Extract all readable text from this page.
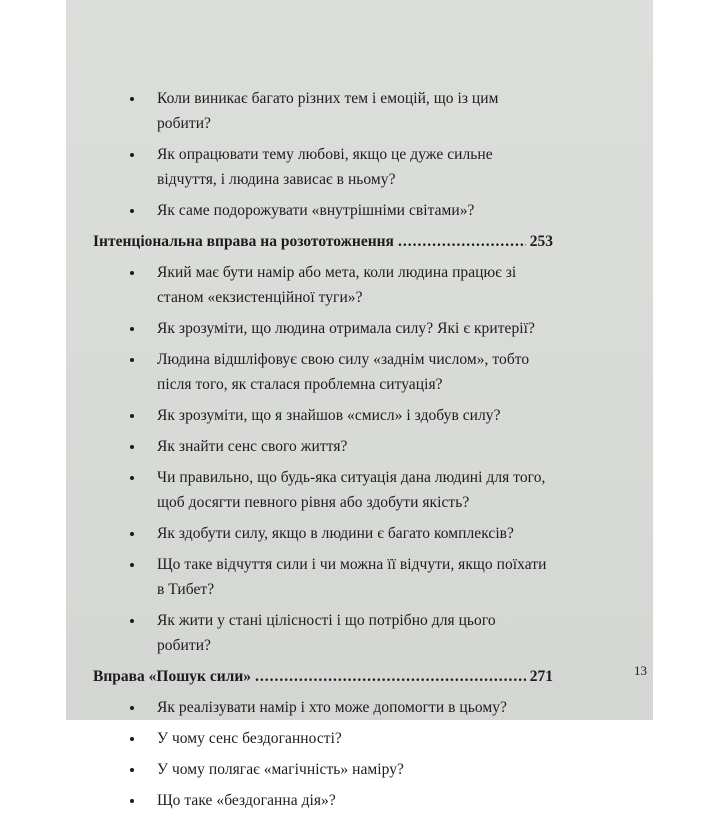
Коли виникає багато різних тем і емоцій, що із цим робити?
Як опрацювати тему любові, якщо це дуже сильне відчуття, і людина зависає в ньому?
Як саме подорожувати «внутрішніми світами»?
Інтенціональна вправа на розототожнення .....	253
Який має бути намір або мета, коли людина працює зі станом «екзистенційної туги»?
Як зрозуміти, що людина отримала силу? Які є критерії?
Людина відшліфовує свою силу «заднім числом», тобто після того, як сталася проблемна ситуація?
Як зрозуміти, що я знайшов «смисл» і здобув силу?
Як знайти сенс свого життя?
Чи правильно, що будь-яка ситуація дана людині для того, щоб досягти певного рівня або здобути якість?
Як здобути силу, якщо в людини є багато комплексів?
Що таке відчуття сили і чи можна її відчути, якщо поїхати в Тибет?
Як жити у стані цілісності і що потрібно для цього робити?
Вправа «Пошук сили» .....	271
Як реалізувати намір і хто може допомогти в цьому?
У чому сенс бездоганності?
У чому полягає «магічність» наміру?
Що таке «бездоганна дія»?
13
